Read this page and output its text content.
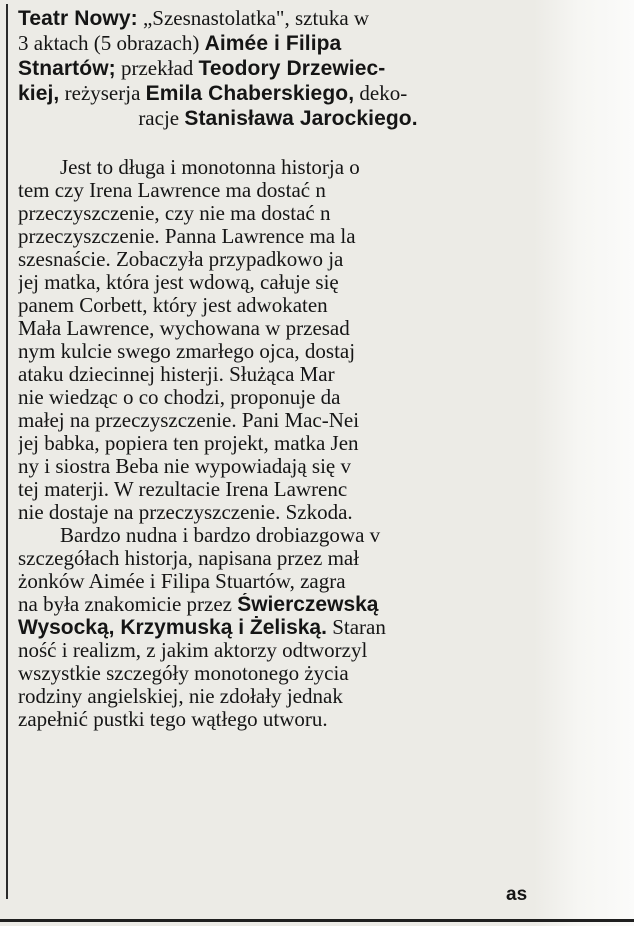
Teatr Nowy: „Szesnastolatka", sztuka w
3 aktach (5 obrazach) Aimée i Filipa
Stnartów; przekład Teodory Drzewiec-
kiej, reżyserja Emila Chaberskiego, deko-
racje Stanisława Jarockiego.

Jest to długa i monotonna historja o
tem czy Irena Lawrence ma dostać n
przeczyszczenie, czy nie ma dostać n
przeczyszczenie. Panna Lawrence ma la
szesnaście. Zobaczyła przypadkowo ja
jej matka, która jest wdową, całuje się
panem Corbett, który jest adwokaten
Mała Lawrence, wychowana w przesad
nym kulcie swego zmarłego ojca, dostaj
ataku dziecinnej histerji. Służąca Mar
nie wiedząc o co chodzi, proponuje da
małej na przeczyszczenie. Pani Mac-Nei
jej babka, popiera ten projekt, matka Jen
ny i siostra Beba nie wypowiadają się v
tej materji. W rezultacie Irena Lawrenc
nie dostaje na przeczyszczenie. Szkoda.
Bardzo nudna i bardzo drobiazgowa v
szczegółach historja, napisana przez mał
żonków Aimée i Filipa Stuartów, zagra
na była znakomicie przez Świerczewską
Wysocką, Krzymuską i Żeliską. Staran
ność i realizm, z jakim aktorzy odtworzyl
wszystkie szczegóły monotonego życia
rodziny angielskiej, nie zdołały jednak
zapełnić pustki tego wątłego utworu.
as
